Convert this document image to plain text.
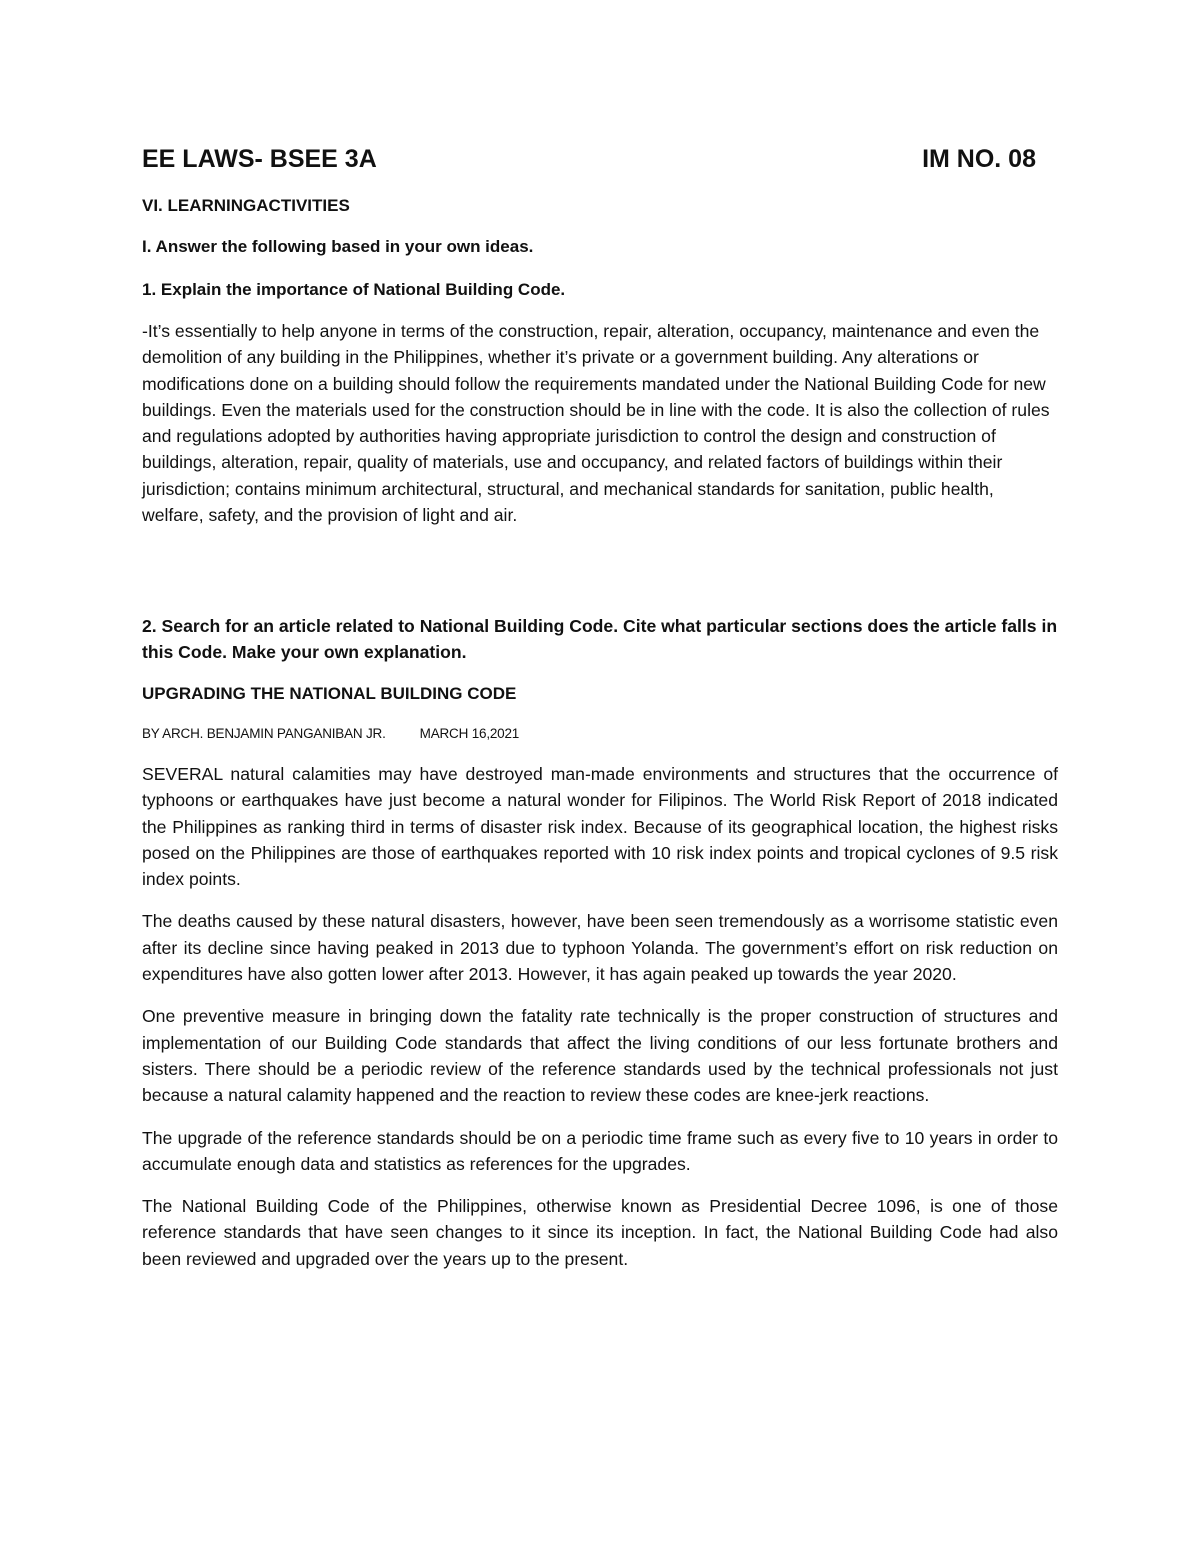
EE LAWS- BSEE 3A	IM NO. 08
VI. LEARNINGACTIVITIES
I. Answer the following based in your own ideas.
1. Explain the importance of National Building Code.

-It’s essentially to help anyone in terms of the construction, repair, alteration, occupancy, maintenance and even the demolition of any building in the Philippines, whether it’s private or a government building. Any alterations or modifications done on a building should follow the requirements mandated under the National Building Code for new buildings. Even the materials used for the construction should be in line with the code. It is also the collection of rules and regulations adopted by authorities having appropriate jurisdiction to control the design and construction of buildings, alteration, repair, quality of materials, use and occupancy, and related factors of buildings within their jurisdiction; contains minimum architectural, structural, and mechanical standards for sanitation, public health, welfare, safety, and the provision of light and air.

2. Search for an article related to National Building Code. Cite what particular sections does the article falls in this Code. Make your own explanation.

UPGRADING THE NATIONAL BUILDING CODE
BY ARCH. BENJAMIN PANGANIBAN JR.	MARCH 16,2021

SEVERAL natural calamities may have destroyed man-made environments and structures that the occurrence of typhoons or earthquakes have just become a natural wonder for Filipinos. The World Risk Report of 2018 indicated the Philippines as ranking third in terms of disaster risk index. Because of its geographical location, the highest risks posed on the Philippines are those of earthquakes reported with 10 risk index points and tropical cyclones of 9.5 risk index points.

The deaths caused by these natural disasters, however, have been seen tremendously as a worrisome statistic even after its decline since having peaked in 2013 due to typhoon Yolanda. The government’s effort on risk reduction on expenditures have also gotten lower after 2013. However, it has again peaked up towards the year 2020.

One preventive measure in bringing down the fatality rate technically is the proper construction of structures and implementation of our Building Code standards that affect the living conditions of our less fortunate brothers and sisters. There should be a periodic review of the reference standards used by the technical professionals not just because a natural calamity happened and the reaction to review these codes are knee-jerk reactions.

The upgrade of the reference standards should be on a periodic time frame such as every five to 10 years in order to accumulate enough data and statistics as references for the upgrades.

The National Building Code of the Philippines, otherwise known as Presidential Decree 1096, is one of those reference standards that have seen changes to it since its inception. In fact, the National Building Code had also been reviewed and upgraded over the years up to the present.
